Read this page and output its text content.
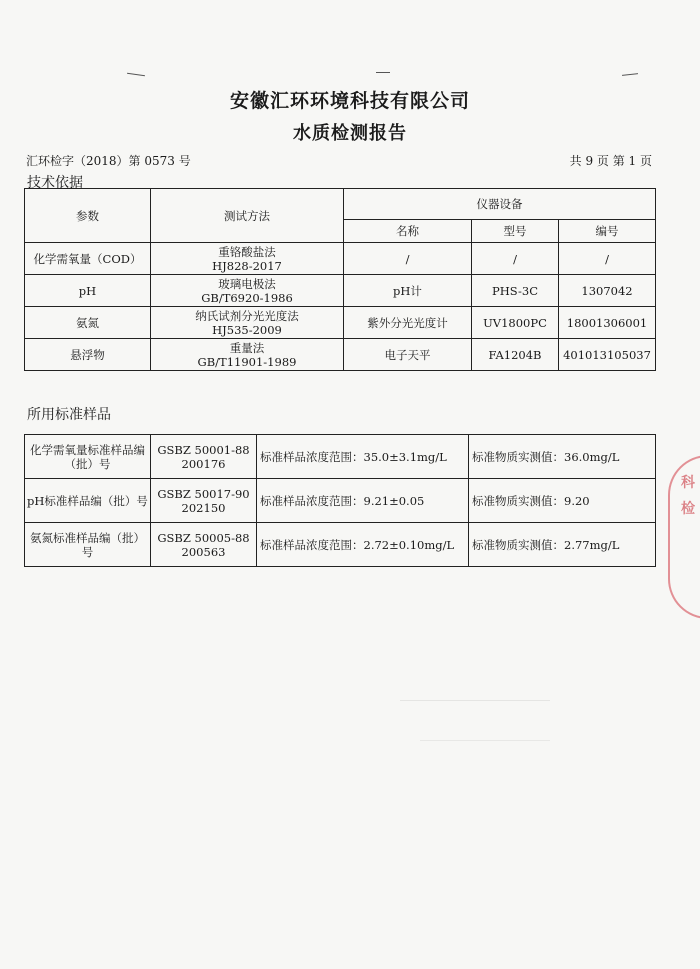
安徽汇环环境科技有限公司
水质检测报告
汇环检字（2018）第 0573 号	共 9 页 第 1 页
技术依据
参数	测试方法	仪器设备		
		名称	型号	编号
化学需氧量（COD）	重铬酸盐法
HJ828-2017	/	/	/
pH	玻璃电极法
GB/T6920-1986	pH计	PHS-3C	1307042
氨氮	纳氏试剂分光光度法
HJ535-2009	紫外分光光度计	UV1800PC	18001306001
悬浮物	重量法
GB/T11901-1989	电子天平	FA1204B	401013105037
所用标准样品
化学需氧量标准样品编（批）号	GSBZ 50001-88
200176	标准样品浓度范围：35.0±3.1mg/L	标准物质实测值：36.0mg/L
pH标准样品编（批）号	GSBZ 50017-90
202150	标准样品浓度范围：9.21±0.05	标准物质实测值：9.20
氨氮标准样品编（批）号	GSBZ 50005-88
200563	标准样品浓度范围：2.72±0.10mg/L	标准物质实测值：2.77mg/L
科检
